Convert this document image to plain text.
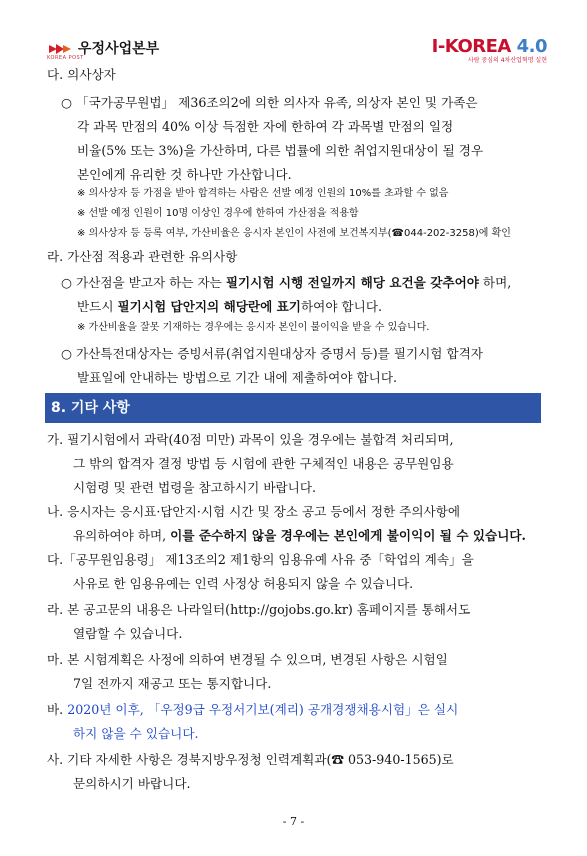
우정사업본부
KOREA POST
I-KOREA 4.0
사람 중심의 4차산업혁명 실현
다. 의사상자
○ 「국가공무원법」 제36조의2에 의한 의사자 유족, 의상자 본인 및 가족은
각 과목 만점의 40% 이상 득점한 자에 한하여 각 과목별 만점의 일정
비율(5% 또는 3%)을 가산하며, 다른 법률에 의한 취업지원대상이 될 경우
본인에게 유리한 것 하나만 가산합니다.
※ 의사상자 등 가점을 받아 합격하는 사람은 선발 예정 인원의 10%를 초과할 수 없음
※ 선발 예정 인원이 10명 이상인 경우에 한하여 가산점을 적용함
※ 의사상자 등 등록 여부, 가산비율은 응시자 본인이 사전에 보건복지부(☎044-202-3258)에 확인
라. 가산점 적용과 관련한 유의사항
○ 가산점을 받고자 하는 자는 필기시험 시행 전일까지 해당 요건을 갖추어야 하며,
반드시 필기시험 답안지의 해당란에 표기하여야 합니다.
※ 가산비율을 잘못 기재하는 경우에는 응시자 본인이 불이익을 받을 수 있습니다.
○ 가산특전대상자는 증빙서류(취업지원대상자 증명서 등)를 필기시험 합격자
발표일에 안내하는 방법으로 기간 내에 제출하여야 합니다.
8. 기타 사항
가. 필기시험에서 과락(40점 미만) 과목이 있을 경우에는 불합격 처리되며,
그 밖의 합격자 결정 방법 등 시험에 관한 구체적인 내용은 공무원임용
시험령 및 관련 법령을 참고하시기 바랍니다.
나. 응시자는 응시표·답안지·시험 시간 및 장소 공고 등에서 정한 주의사항에
유의하여야 하며, 이를 준수하지 않을 경우에는 본인에게 불이익이 될 수 있습니다.
다.「공무원임용령」 제13조의2 제1항의 임용유예 사유 중「학업의 계속」을
사유로 한 임용유예는 인력 사정상 허용되지 않을 수 있습니다.
라. 본 공고문의 내용은 나라일터(http://gojobs.go.kr) 홈페이지를 통해서도
열람할 수 있습니다.
마. 본 시험계획은 사정에 의하여 변경될 수 있으며, 변경된 사항은 시험일
7일 전까지 재공고 또는 통지합니다.
바. 2020년 이후, 「우정9급 우정서기보(계리) 공개경쟁채용시험」은 실시
하지 않을 수 있습니다.
사. 기타 자세한 사항은 경북지방우정청 인력계획과(☎ 053-940-1565)로
문의하시기 바랍니다.
- 7 -
